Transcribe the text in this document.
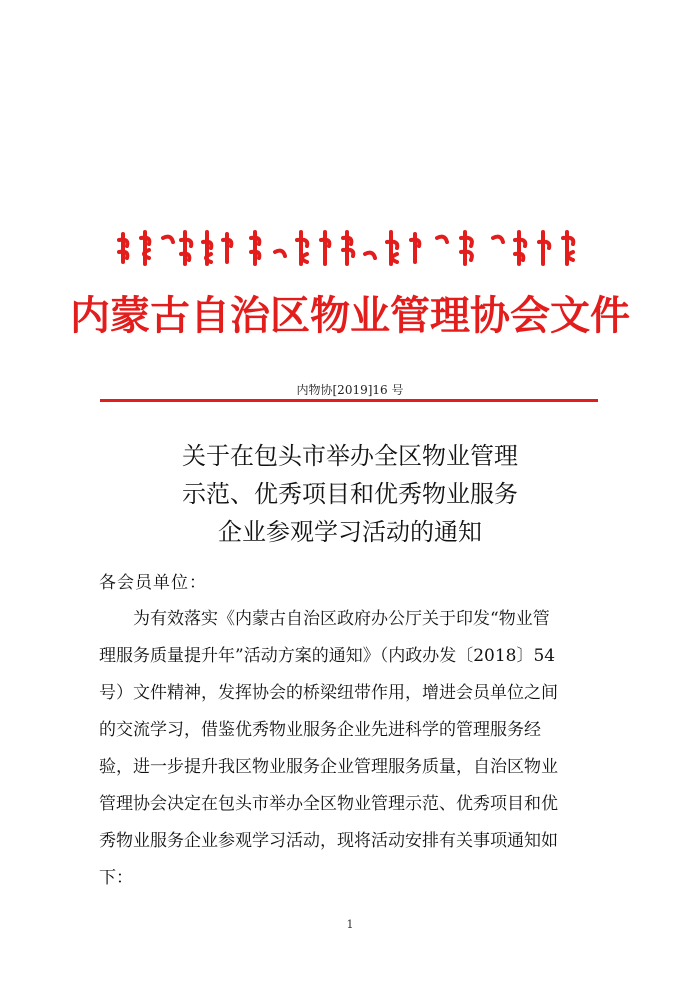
内蒙古自治区物业管理协会文件
内物协[2019]16 号
关于在包头市举办全区物业管理
示范、优秀项目和优秀物业服务
企业参观学习活动的通知
各会员单位：
　　为有效落实《内蒙古自治区政府办公厅关于印发“物业管
理服务质量提升年”活动方案的通知》（内政办发〔2018〕54
号）文件精神，发挥协会的桥梁纽带作用，增进会员单位之间
的交流学习，借鉴优秀物业服务企业先进科学的管理服务经
验，进一步提升我区物业服务企业管理服务质量，自治区物业
管理协会决定在包头市举办全区物业管理示范、优秀项目和优
秀物业服务企业参观学习活动，现将活动安排有关事项通知如
下：
1
